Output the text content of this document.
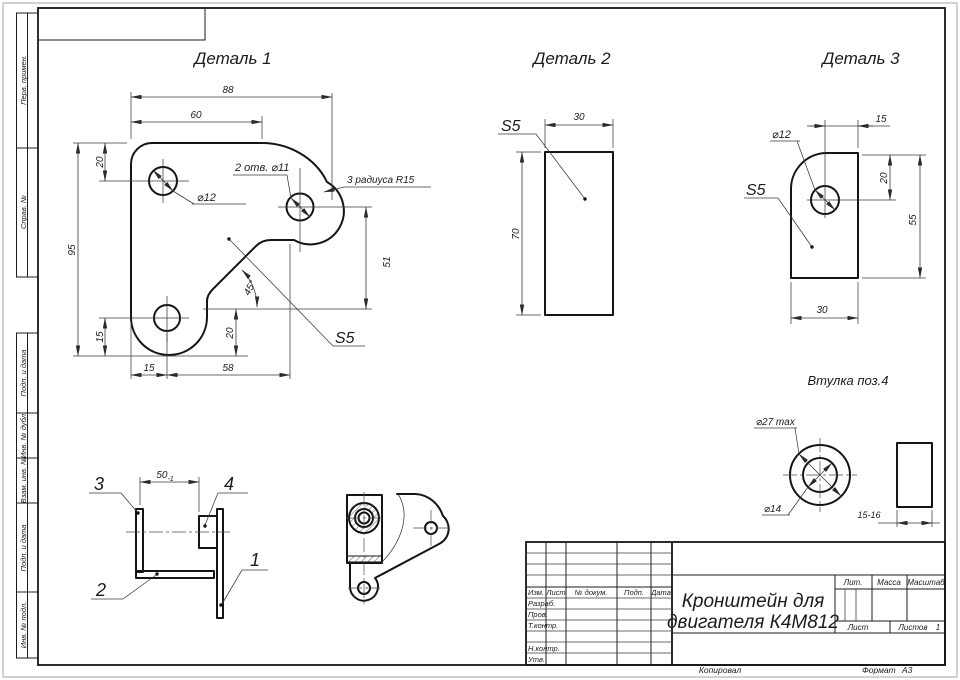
Перв. примен.
Справ. №
Подп. и дата
Инв. № дубл.
Взам. инв. №
Подп. и дата
Инв. № подл.
Деталь 1
88
60
20
95
15
15	58
20
51
45°
⌀12
2 отв. ⌀11
3 радиуса R15
S5
Деталь 2
30
70
S5
Деталь 3
15
20
55
30
⌀12
S5
Втулка поз.4
⌀27 max
⌀14	15-16
$50_{-1}$
3	4
2
1
Изм. Лист № докум. Подп. Дата
Разраб.
Пров.
Т.контр.
Н.контр.
Утв.
Кронштейн для
двигателя К4М812
Лит. Масса Масштаб
Лист	Листов 1
Копировал	Формат А3
